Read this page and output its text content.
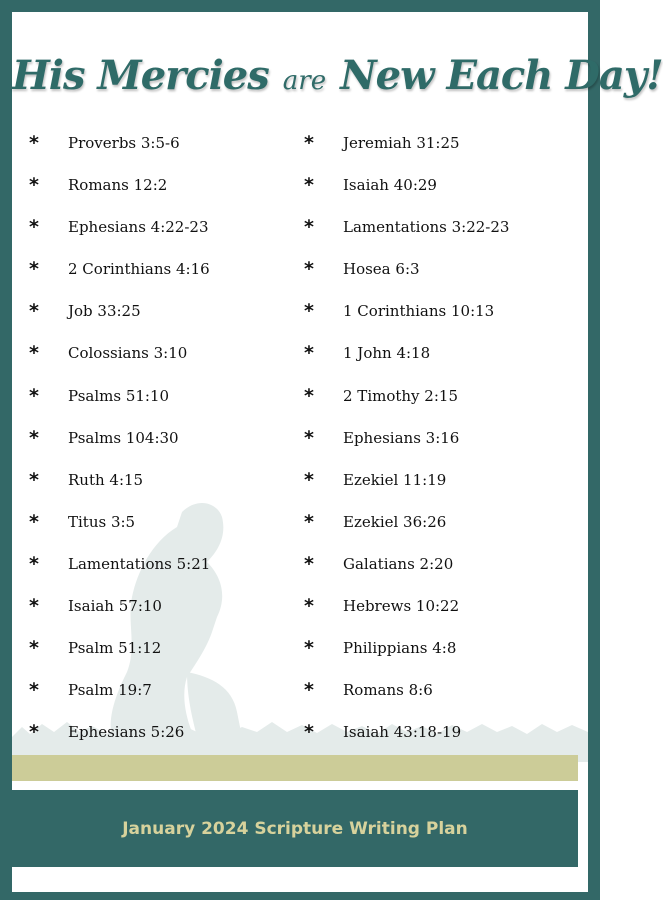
His Mercies are New Each Day!
*	Proverbs 3:5-6
*	Romans 12:2
*	Ephesians 4:22-23
*	2 Corinthians 4:16
*	Job 33:25
*	Colossians 3:10
*	Psalms 51:10
*	Psalms 104:30
*	Ruth 4:15
*	Titus 3:5
*	Lamentations 5:21
*	Isaiah 57:10
*	Psalm 51:12
*	Psalm 19:7
*	Ephesians 5:26
*	Jeremiah 31:25
*	Isaiah 40:29
*	Lamentations 3:22-23
*	Hosea 6:3
*	1 Corinthians 10:13
*	1 John 4:18
*	2 Timothy 2:15
*	Ephesians 3:16
*	Ezekiel 11:19
*	Ezekiel 36:26
*	Galatians 2:20
*	Hebrews 10:22
*	Philippians 4:8
*	Romans 8:6
*	Isaiah 43:18-19
January 2024 Scripture Writing Plan
